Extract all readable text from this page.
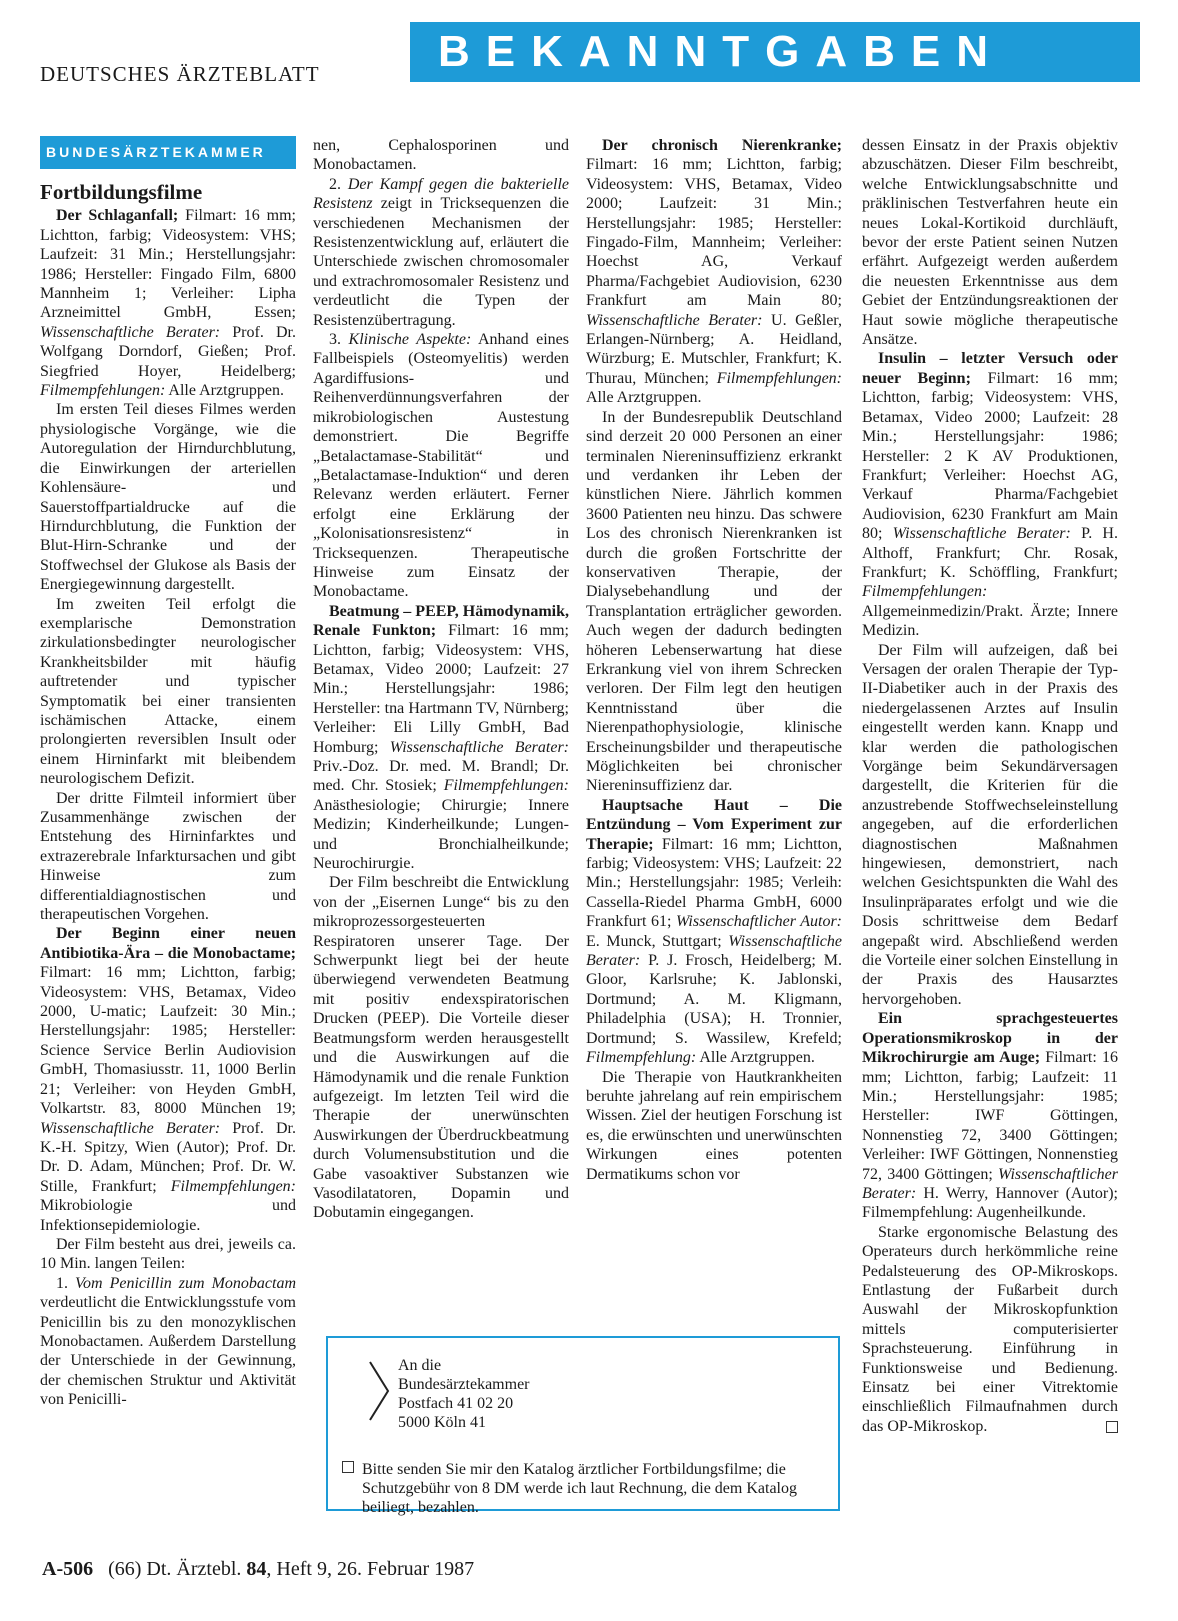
DEUTSCHES ÄRZTEBLATT	BEKANNTGABEN
BUNDESÄRZTEKAMMER
Fortbildungsfilme

Der Schlaganfall; Filmart: 16 mm; Lichtton, farbig; Videosystem: VHS; Laufzeit: 31 Min.; Herstellungsjahr: 1986; Hersteller: Fingado Film, 6800 Mannheim 1; Verleiher: Lipha Arzneimittel GmbH, Essen; Wissenschaftliche Berater: Prof. Dr. Wolfgang Dorndorf, Gießen; Prof. Siegfried Hoyer, Heidelberg; Filmempfehlungen: Alle Arztgruppen.

Im ersten Teil dieses Filmes werden physiologische Vorgänge, wie die Autoregulation der Hirndurchblutung, die Einwirkungen der arteriellen Kohlensäure- und Sauerstoffpartialdrucke auf die Hirndurchblutung, die Funktion der Blut-Hirn-Schranke und der Stoffwechsel der Glukose als Basis der Energiegewinnung dargestellt.

Im zweiten Teil erfolgt die exemplarische Demonstration zirkulationsbedingter neurologischer Krankheitsbilder mit häufig auftretender und typischer Symptomatik bei einer transienten ischämischen Attacke, einem prolongierten reversiblen Insult oder einem Hirninfarkt mit bleibendem neurologischem Defizit.

Der dritte Filmteil informiert über Zusammenhänge zwischen der Entstehung des Hirninfarktes und extrazerebrale Infarktursachen und gibt Hinweise zum differentialdiagnostischen und therapeutischen Vorgehen.

Der Beginn einer neuen Antibiotika-Ära – die Monobactame; Filmart: 16 mm; Lichtton, farbig; Videosystem: VHS, Betamax, Video 2000, U-matic; Laufzeit: 30 Min.; Herstellungsjahr: 1985; Hersteller: Science Service Berlin Audiovision GmbH, Thomasiusstr. 11, 1000 Berlin 21; Verleiher: von Heyden GmbH, Volkartstr. 83, 8000 München 19; Wissenschaftliche Berater: Prof. Dr. K.-H. Spitzy, Wien (Autor); Prof. Dr. Dr. D. Adam, München; Prof. Dr. W. Stille, Frankfurt; Filmempfehlungen: Mikrobiologie und Infektionsepidemiologie.

Der Film besteht aus drei, jeweils ca. 10 Min. langen Teilen:

1. Vom Penicillin zum Monobactam verdeutlicht die Entwicklungsstufe vom Penicillin bis zu den monozyklischen Monobactamen. Außerdem Darstellung der Unterschiede in der Gewinnung, der chemischen Struktur und Aktivität von Penicilli-

nen, Cephalosporinen und Monobactamen.

2. Der Kampf gegen die bakterielle Resistenz zeigt in Tricksequenzen die verschiedenen Mechanismen der Resistenzentwicklung auf, erläutert die Unterschiede zwischen chromosomaler und extrachromosomaler Resistenz und verdeutlicht die Typen der Resistenzübertragung.

3. Klinische Aspekte: Anhand eines Fallbeispiels (Osteomyelitis) werden Agardiffusions- und Reihenverdünnungsverfahren der mikrobiologischen Austestung demonstriert. Die Begriffe „Betalactamase-Stabilität“ und „Betalactamase-Induktion“ und deren Relevanz werden erläutert. Ferner erfolgt eine Erklärung der „Kolonisationsresistenz“ in Tricksequenzen. Therapeutische Hinweise zum Einsatz der Monobactame.

Beatmung – PEEP, Hämodynamik, Renale Funkton; Filmart: 16 mm; Lichtton, farbig; Videosystem: VHS, Betamax, Video 2000; Laufzeit: 27 Min.; Herstellungsjahr: 1986; Hersteller: tna Hartmann TV, Nürnberg; Verleiher: Eli Lilly GmbH, Bad Homburg; Wissenschaftliche Berater: Priv.-Doz. Dr. med. M. Brandl; Dr. med. Chr. Stosiek; Filmempfehlungen: Anästhesiologie; Chirurgie; Innere Medizin; Kinderheilkunde; Lungen- und Bronchialheilkunde; Neurochirurgie.

Der Film beschreibt die Entwicklung von der „Eisernen Lunge“ bis zu den mikroprozessorgesteuerten Respiratoren unserer Tage. Der Schwerpunkt liegt bei der heute überwiegend verwendeten Beatmung mit positiv endexspiratorischen Drucken (PEEP). Die Vorteile dieser Beatmungsform werden herausgestellt und die Auswirkungen auf die Hämodynamik und die renale Funktion aufgezeigt. Im letzten Teil wird die Therapie der unerwünschten Auswirkungen der Überdruckbeatmung durch Volumensubstitution und die Gabe vasoaktiver Substanzen wie Vasodilatatoren, Dopamin und Dobutamin eingegangen.

Der chronisch Nierenkranke; Filmart: 16 mm; Lichtton, farbig; Videosystem: VHS, Betamax, Video 2000; Laufzeit: 31 Min.; Herstellungsjahr: 1985; Hersteller: Fingado-Film, Mannheim; Verleiher: Hoechst AG, Verkauf Pharma/Fachgebiet Audiovision, 6230 Frankfurt am Main 80; Wissenschaftliche Berater: U. Geßler, Erlangen-Nürnberg; A. Heidland, Würzburg; E. Mutschler, Frankfurt; K. Thurau, München; Filmempfehlungen: Alle Arztgruppen.

In der Bundesrepublik Deutschland sind derzeit 20 000 Personen an einer terminalen Niereninsuffizienz erkrankt und verdanken ihr Leben der künstlichen Niere. Jährlich kommen 3600 Patienten neu hinzu. Das schwere Los des chronisch Nierenkranken ist durch die großen Fortschritte der konservativen Therapie, der Dialysebehandlung und der Transplantation erträglicher geworden. Auch wegen der dadurch bedingten höheren Lebenserwartung hat diese Erkrankung viel von ihrem Schrecken verloren. Der Film legt den heutigen Kenntnisstand über die Nierenpathophysiologie, klinische Erscheinungsbilder und therapeutische Möglichkeiten bei chronischer Niereninsuffizienz dar.

Hauptsache Haut – Die Entzündung – Vom Experiment zur Therapie; Filmart: 16 mm; Lichtton, farbig; Videosystem: VHS; Laufzeit: 22 Min.; Herstellungsjahr: 1985; Verleih: Cassella-Riedel Pharma GmbH, 6000 Frankfurt 61; Wissenschaftlicher Autor: E. Munck, Stuttgart; Wissenschaftliche Berater: P. J. Frosch, Heidelberg; M. Gloor, Karlsruhe; K. Jablonski, Dortmund; A. M. Kligmann, Philadelphia (USA); H. Tronnier, Dortmund; S. Wassilew, Krefeld; Filmempfehlung: Alle Arztgruppen.

Die Therapie von Hautkrankheiten beruhte jahrelang auf rein empirischem Wissen. Ziel der heutigen Forschung ist es, die erwünschten und unerwünschten Wirkungen eines potenten Dermatikums schon vor

dessen Einsatz in der Praxis objektiv abzuschätzen. Dieser Film beschreibt, welche Entwicklungsabschnitte und präklinischen Testverfahren heute ein neues Lokal-Kortikoid durchläuft, bevor der erste Patient seinen Nutzen erfährt. Aufgezeigt werden außerdem die neuesten Erkenntnisse aus dem Gebiet der Entzündungsreaktionen der Haut sowie mögliche therapeutische Ansätze.

Insulin – letzter Versuch oder neuer Beginn; Filmart: 16 mm; Lichtton, farbig; Videosystem: VHS, Betamax, Video 2000; Laufzeit: 28 Min.; Herstellungsjahr: 1986; Hersteller: 2 K AV Produktionen, Frankfurt; Verleiher: Hoechst AG, Verkauf Pharma/Fachgebiet Audiovision, 6230 Frankfurt am Main 80; Wissenschaftliche Berater: P. H. Althoff, Frankfurt; Chr. Rosak, Frankfurt; K. Schöffling, Frankfurt; Filmempfehlungen: Allgemeinmedizin/Prakt. Ärzte; Innere Medizin.

Der Film will aufzeigen, daß bei Versagen der oralen Therapie der Typ-II-Diabetiker auch in der Praxis des niedergelassenen Arztes auf Insulin eingestellt werden kann. Knapp und klar werden die pathologischen Vorgänge beim Sekundärversagen dargestellt, die Kriterien für die anzustrebende Stoffwechseleinstellung angegeben, auf die erforderlichen diagnostischen Maßnahmen hingewiesen, demonstriert, nach welchen Gesichtspunkten die Wahl des Insulinpräparates erfolgt und wie die Dosis schrittweise dem Bedarf angepaßt wird. Abschließend werden die Vorteile einer solchen Einstellung in der Praxis des Hausarztes hervorgehoben.

Ein sprachgesteuertes Operationsmikroskop in der Mikrochirurgie am Auge; Filmart: 16 mm; Lichtton, farbig; Laufzeit: 11 Min.; Herstellungsjahr: 1985; Hersteller: IWF Göttingen, Nonnenstieg 72, 3400 Göttingen; Verleiher: IWF Göttingen, Nonnenstieg 72, 3400 Göttingen; Wissenschaftlicher Berater: H. Werry, Hannover (Autor); Filmempfehlung: Augenheilkunde.

Starke ergonomische Belastung des Operateurs durch herkömmliche reine Pedalsteuerung des OP-Mikroskops. Entlastung der Fußarbeit durch Auswahl der Mikroskopfunktion mittels computerisierter Sprachsteuerung. Einführung in Funktionsweise und Bedienung. Einsatz bei einer Vitrektomie einschließlich Filmaufnahmen durch das OP-Mikroskop.

An die
Bundesärztekammer
Postfach 41 02 20
5000 Köln 41
Bitte senden Sie mir den Katalog ärztlicher Fortbildungsfilme; die Schutzgebühr von 8 DM werde ich laut Rechnung, die dem Katalog beiliegt, bezahlen.
A-506 (66) Dt. Ärztebl. 84, Heft 9, 26. Februar 1987
